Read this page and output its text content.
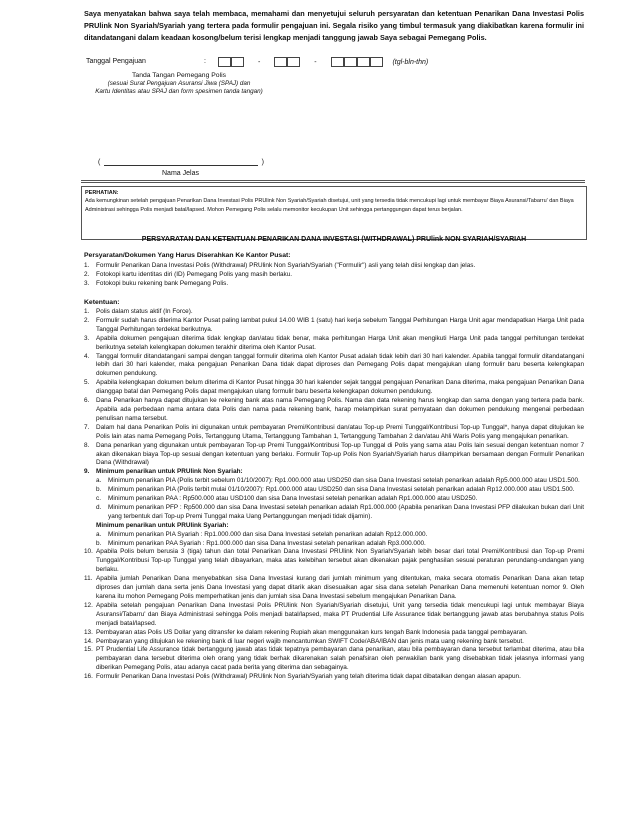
Saya menyatakan bahwa saya telah membaca, memahami dan menyetujui seluruh persyaratan dan ketentuan Penarikan Dana Investasi Polis PRUlink Non Syariah/Syariah yang tertera pada formulir pengajuan ini. Segala risiko yang timbul termasuk yang diakibatkan karena formulir ini ditandatangani dalam keadaan kosong/belum terisi lengkap menjadi tanggung jawab Saya sebagai Pemegang Polis.
Tanggal Pengajuan	:	-	-	(tgl-bln-thn)
Tanda Tangan Pemegang Polis
(sesuai Surat Pengajuan Asuransi Jiwa (SPAJ) dan
Kartu Identitas atau SPAJ dan form spesimen tanda tangan)
(	)
Nama Jelas
PERHATIAN:
Ada kemungkinan setelah pengajuan Penarikan Dana Investasi Polis PRUlink Non Syariah/Syariah disetujui, unit yang tersedia tidak mencukupi lagi untuk membayar Biaya Asuransi/Tabarru' dan Biaya Administrasi sehingga Polis menjadi batal/lapsed. Mohon Pemegang Polis selalu memonitor kecukupan Unit sehingga pertanggungan dapat terus berjalan.
PERSYARATAN DAN KETENTUAN PENARIKAN DANA INVESTASI (WITHDRAWAL) PRUlink NON SYARIAH/SYARIAH
Persyaratan/Dokumen Yang Harus Diserahkan Ke Kantor Pusat:
1. Formulir Penarikan Dana Investasi Polis (Withdrawal) PRUlink Non Syariah/Syariah ("Formulir") asli yang telah diisi lengkap dan jelas.
2. Fotokopi kartu identitas diri (ID) Pemegang Polis yang masih berlaku.
3. Fotokopi buku rekening bank Pemegang Polis.
Ketentuan:
1. Polis dalam status aktif (In Force).
2. Formulir sudah harus diterima Kantor Pusat paling lambat pukul 14.00 WIB 1 (satu) hari kerja sebelum Tanggal Perhitungan Harga Unit agar mendapatkan Harga Unit pada Tanggal Perhitungan terdekat berikutnya.
3. Apabila dokumen pengajuan diterima tidak lengkap dan/atau tidak benar, maka perhitungan Harga Unit akan mengikuti Harga Unit pada tanggal perhitungan terdekat berikutnya setelah kelengkapan dokumen terakhir diterima oleh Kantor Pusat.
4. Tanggal formulir ditandatangani sampai dengan tanggal formulir diterima oleh Kantor Pusat adalah tidak lebih dari 30 hari kalender. Apabila tanggal formulir ditandatangani lebih dari 30 hari kalender, maka pengajuan Penarikan Dana tidak dapat diproses dan Pemegang Polis dapat mengajukan ulang formulir baru beserta kelengkapan dokumen pendukung.
5. Apabila kelengkapan dokumen belum diterima di Kantor Pusat hingga 30 hari kalender sejak tanggal pengajuan Penarikan Dana diterima, maka pengajuan Penarikan Dana dianggap batal dan Pemegang Polis dapat mengajukan ulang formulir baru beserta kelengkapan dokumen pendukung.
6. Dana Penarikan hanya dapat ditujukan ke rekening bank atas nama Pemegang Polis. Nama dan data rekening harus lengkap dan sama dengan yang tertera pada bank. Apabila ada perbedaan nama antara data Polis dan nama pada rekening bank, harap melampirkan surat pernyataan dan dokumen pendukung mengenai perbedaan penulisan nama tersebut.
7. Dalam hal dana Penarikan Polis ini digunakan untuk pembayaran Premi/Kontribusi dan/atau Top-up Premi Tunggal/Kontribusi Top-up Tunggal*, hanya dapat ditujukan ke Polis lain atas nama Pemegang Polis, Tertanggung Utama, Tertanggung Tambahan 1, Tertanggung Tambahan 2 dan/atau Ahli Waris Polis yang mengajukan penarikan.
8. Dana penarikan yang digunakan untuk pembayaran Top-up Premi Tunggal/Kontribusi Top-up Tunggal di Polis yang sama atau Polis lain sesuai dengan ketentuan nomor 7 akan dikenakan biaya Top-up sesuai dengan ketentuan yang berlaku. Formulir Top-up Polis Non Syariah/Syariah harus dilampirkan bersamaan dengan Formulir Penarikan Dana (Withdrawal)
9. Minimum penarikan untuk PRUlink Non Syariah:
a. Minimum penarikan PIA (Polis terbit sebelum 01/10/2007): Rp1.000.000 atau USD250 dan sisa Dana Investasi setelah penarikan adalah Rp5.000.000 atau USD1.500.
b. Minimum penarikan PIA (Polis terbit mulai 01/10/2007): Rp1.000.000 atau USD250 dan sisa Dana Investasi setelah penarikan adalah Rp12.000.000 atau USD1.500.
c. Minimum penarikan PAA : Rp500.000 atau USD100 dan sisa Dana Investasi setelah penarikan adalah Rp1.000.000 atau USD250.
d. Minimum penarikan PFP : Rp500.000 dan sisa Dana Investasi setelah penarikan adalah Rp1.000.000 (Apabila penarikan Dana Investasi PFP dilakukan bukan dari Unit yang terbentuk dari Top-up Premi Tunggal maka Uang Pertanggungan menjadi tidak dijamin).
Minimum penarikan untuk PRUlink Syariah:
a. Minimum penarikan PIA Syariah : Rp1.000.000 dan sisa Dana Investasi setelah penarikan adalah Rp12.000.000.
b. Minimum penarikan PAA Syariah : Rp1.000.000 dan sisa Dana Investasi setelah penarikan adalah Rp3.000.000.
10. Apabila Polis belum berusia 3 (tiga) tahun dan total Penarikan Dana Investasi PRUlink Non Syariah/Syariah lebih besar dari total Premi/Kontribusi dan Top-up Premi Tunggal/Kontribusi Top-up Tunggal yang telah dibayarkan, maka atas kelebihan tersebut akan dikenakan pajak penghasilan sesuai peraturan perundang-undangan yang berlaku.
11. Apabila jumlah Penarikan Dana menyebabkan sisa Dana Investasi kurang dari jumlah minimum yang ditentukan, maka secara otomatis Penarikan Dana akan tetap diproses dan jumlah dana serta jenis Dana Investasi yang dapat ditarik akan disesuaikan agar sisa dana setelah Penarikan Dana memenuhi ketentuan nomor 9. Oleh karena itu mohon Pemegang Polis memperhatikan jenis dan jumlah sisa Dana Investasi sebelum mengajukan Penarikan Dana.
12. Apabila setelah pengajuan Penarikan Dana Investasi Polis PRUlink Non Syariah/Syariah disetujui, Unit yang tersedia tidak mencukupi lagi untuk membayar Biaya Asuransi/Tabarru' dan Biaya Administrasi sehingga Polis menjadi batal/lapsed, maka PT Prudential Life Assurance tidak bertanggung jawab atas berubahnya status Polis menjadi batal/lapsed.
13. Pembayaran atas Polis US Dollar yang ditransfer ke dalam rekening Rupiah akan menggunakan kurs tengah Bank Indonesia pada tanggal pembayaran.
14. Pembayaran yang ditujukan ke rekening bank di luar negeri wajib mencantumkan SWIFT Code/ABA/IBAN dan jenis mata uang rekening bank tersebut.
15. PT Prudential Life Assurance tidak bertanggung jawab atas tidak tepatnya pembayaran dana penarikan, atau bila pembayaran dana tersebut terlambat diterima, atau bila pembayaran dana tersebut diterima oleh orang yang tidak berhak dikarenakan salah penafsiran oleh perwakilan bank yang disebabkan tidak jelasnya informasi yang diberikan Pemegang Polis, atau adanya cacat pada berita yang diterima dan sebagainya.
16. Formulir Penarikan Dana Investasi Polis (Withdrawal) PRUlink Non Syariah/Syariah yang telah diterima tidak dapat dibatalkan dengan alasan apapun.
